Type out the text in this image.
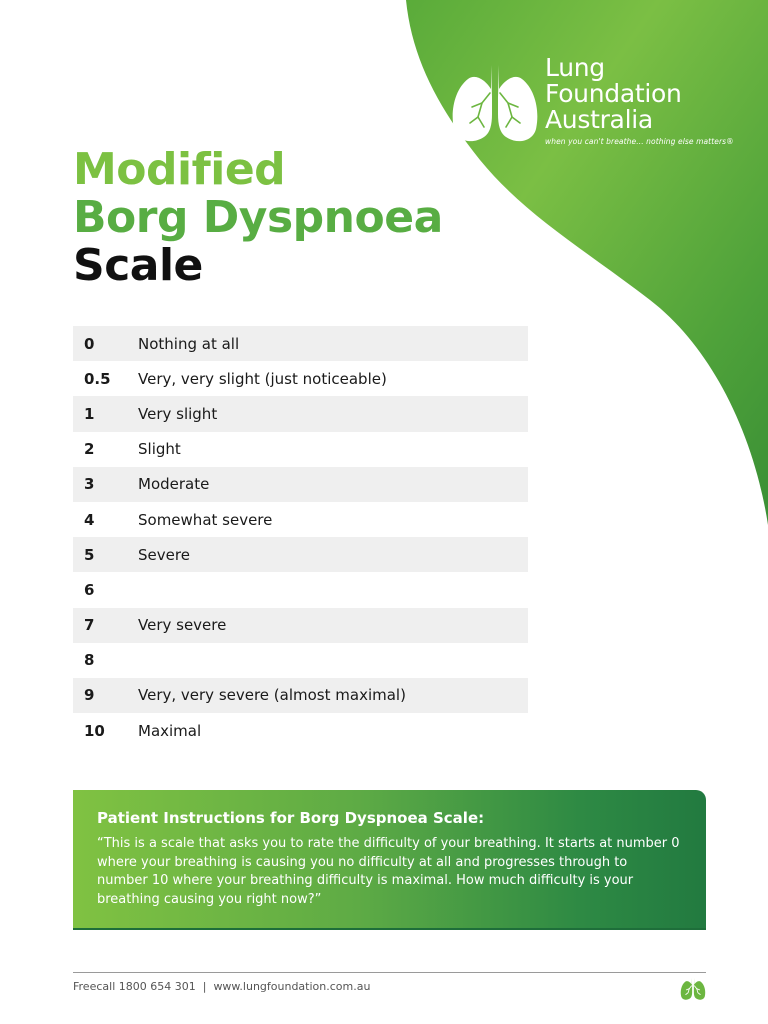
Lung
Foundation
Australia
when you can't breathe... nothing else matters®
Modified
Borg Dyspnoea
Scale
0	Nothing at all
0.5	Very, very slight (just noticeable)
1	Very slight
2	Slight
3	Moderate
4	Somewhat severe
5	Severe
6
7	Very severe
8
9	Very, very severe (almost maximal)
10	Maximal
Patient Instructions for Borg Dyspnoea Scale:
“This is a scale that asks you to rate the difficulty of your breathing. It starts at number 0 where your breathing is causing you no difficulty at all and progresses through to number 10 where your breathing difficulty is maximal. How much difficulty is your breathing causing you right now?”
Freecall 1800 654 301 | www.lungfoundation.com.au
